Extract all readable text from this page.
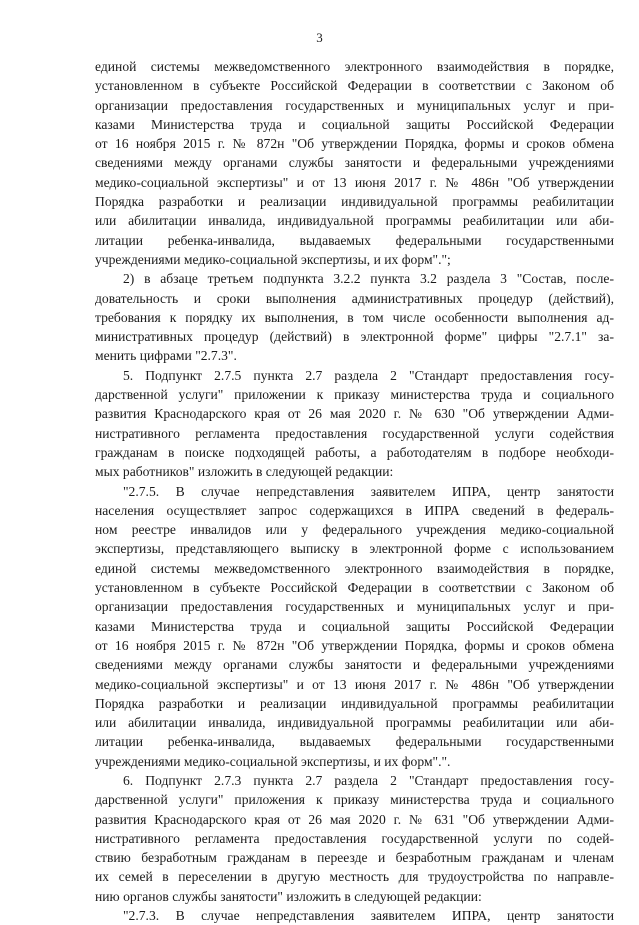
3
единой системы межведомственного электронного взаимодействия в порядке,
установленном в субъекте Российской Федерации в соответствии с Законом об
организации предоставления государственных и муниципальных услуг и при-
казами Министерства труда и социальной защиты Российской Федерации
от 16 ноября 2015 г. № 872н "Об утверждении Порядка, формы и сроков обмена
сведениями между органами службы занятости и федеральными учреждениями
медико-социальной экспертизы" и от 13 июня 2017 г. № 486н "Об утверждении
Порядка разработки и реализации индивидуальной программы реабилитации
или абилитации инвалида, индивидуальной программы реабилитации или аби-
литации ребенка-инвалида, выдаваемых федеральными государственными
учреждениями медико-социальной экспертизы, и их форм".";
2) в абзаце третьем подпункта 3.2.2 пункта 3.2 раздела 3 "Состав, после-
довательность и сроки выполнения административных процедур (действий),
требования к порядку их выполнения, в том числе особенности выполнения ад-
министративных процедур (действий) в электронной форме" цифры "2.7.1" за-
менить цифрами "2.7.3".
5. Подпункт 2.7.5 пункта 2.7 раздела 2 "Стандарт предоставления госу-
дарственной услуги" приложении к приказу министерства труда и социального
развития Краснодарского края от 26 мая 2020 г. № 630 "Об утверждении Адми-
нистративного регламента предоставления государственной услуги содействия
гражданам в поиске подходящей работы, а работодателям в подборе необходи-
мых работников" изложить в следующей редакции:
"2.7.5. В случае непредставления заявителем ИПРА, центр занятости
населения осуществляет запрос содержащихся в ИПРА сведений в федераль-
ном реестре инвалидов или у федерального учреждения медико-социальной
экспертизы, представляющего выписку в электронной форме с использованием
единой системы межведомственного электронного взаимодействия в порядке,
установленном в субъекте Российской Федерации в соответствии с Законом об
организации предоставления государственных и муниципальных услуг и при-
казами Министерства труда и социальной защиты Российской Федерации
от 16 ноября 2015 г. № 872н "Об утверждении Порядка, формы и сроков обмена
сведениями между органами службы занятости и федеральными учреждениями
медико-социальной экспертизы" и от 13 июня 2017 г. № 486н "Об утверждении
Порядка разработки и реализации индивидуальной программы реабилитации
или абилитации инвалида, индивидуальной программы реабилитации или аби-
литации ребенка-инвалида, выдаваемых федеральными государственными
учреждениями медико-социальной экспертизы, и их форм".".
6. Подпункт 2.7.3 пункта 2.7 раздела 2 "Стандарт предоставления госу-
дарственной услуги" приложения к приказу министерства труда и социального
развития Краснодарского края от 26 мая 2020 г. № 631 "Об утверждении Адми-
нистративного регламента предоставления государственной услуги по содей-
ствию безработным гражданам в переезде и безработным гражданам и членам
их семей в переселении в другую местность для трудоустройства по направле-
нию органов службы занятости" изложить в следующей редакции:
"2.7.3. В случае непредставления заявителем ИПРА, центр занятости
